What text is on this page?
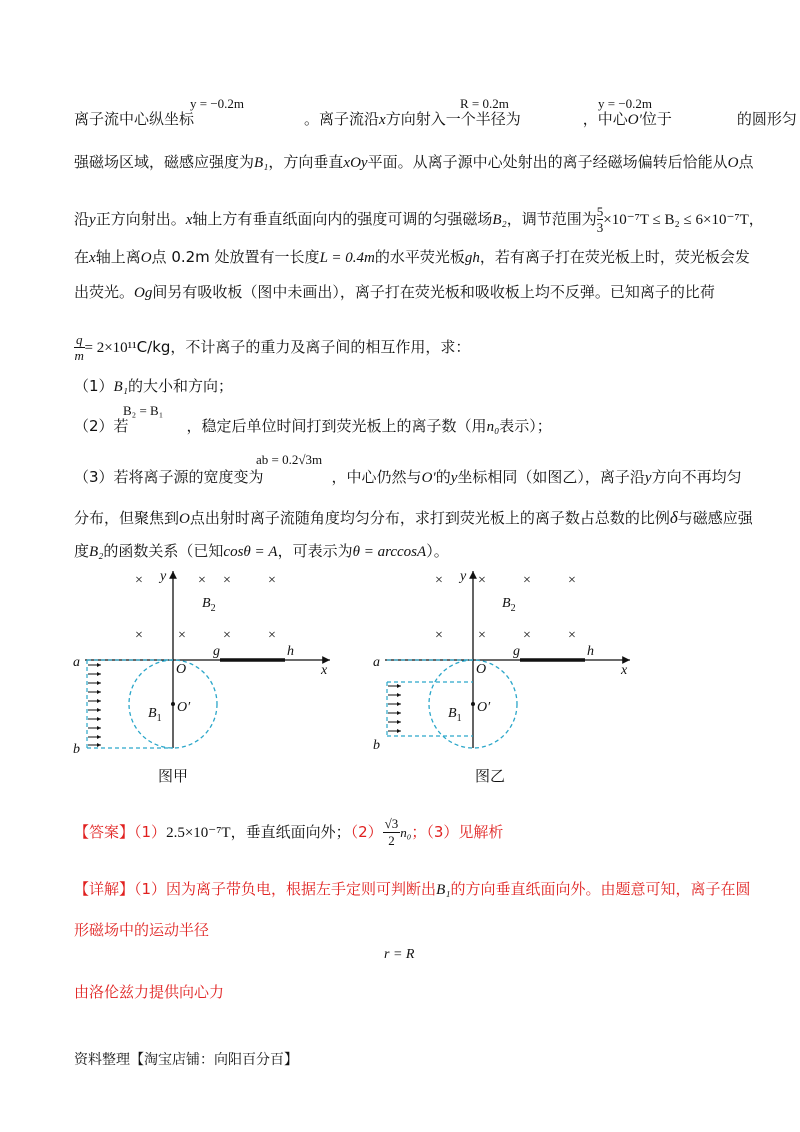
y = −0.2m	R = 0.2m	y = −0.2m
离子流中心纵坐标	。离子流沿x方向射入一个半径为	，中心O′位于	的圆形匀
强磁场区域，磁感应强度为B₁，方向垂直xOy平面。从离子源中心处射出的离子经磁场偏转后恰能从O点
沿y正方向射出。x轴上方有垂直纸面向内的强度可调的匀强磁场B₂，调节范围为 $\frac{5}{3} \times 10^{-7}T \le B_2 \le 6\times 10^{-7}T$，
在x轴上离O点 0.2m 处放置有一长度L = 0.4m的水平荧光板gh，若有离子打在荧光板上时，荧光板会发
出荧光。Og间另有吸收板（图中未画出），离子打在荧光板和吸收板上均不反弹。已知离子的比荷
$\frac{q}{m} = 2\times 10^{11}C/kg$，不计离子的重力及离子间的相互作用，求：
（1）B₁的大小和方向；
B₂ = B₁
（2）若	，稳定后单位时间打到荧光板上的离子数（用n₀表示）；
ab = 0.2√3m
（3）若将离子源的宽度变为	，中心仍然与O′的y坐标相同（如图乙），离子沿y方向不再均匀
分布，但聚焦到O点出射时离子流随角度均匀分布，求打到荧光板上的离子数占总数的比例δ与磁感应强
度B₂的函数关系（已知cosθ = A，可表示为θ = arccosA）。
×	× ×	×
×	×	×	×
y
x
O
O′
a
b
g	h
$B_2$
$B_1$
图甲
×	×	×	×
×	×	×	×
y
x
O
O′
a
b
g	h
$B_2$
$B_1$
图乙
【答案】（1）2.5×10⁻⁷T，垂直纸面向外；$(2) \frac{√3}{2} n_0$；（3）见解析
【详解】（1）因为离子带负电，根据左手定则可判断出B₁的方向垂直纸面向外。由题意可知，离子在圆
形磁场中的运动半径
r = R
由洛伦兹力提供向心力
资料整理【淘宝店铺：向阳百分百】
